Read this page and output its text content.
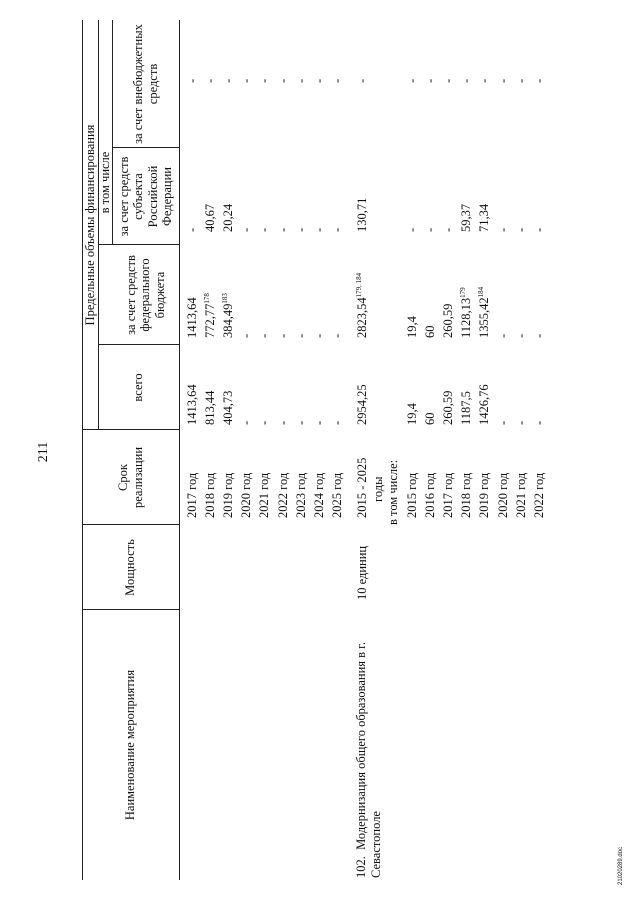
211
21020289.doc
Наименование мероприятия
Мощность
Срок реализации
Предельные объемы финансирования
всего
в том числе
за счет средств федерального бюджета
за счет средств субъекта Российской Федерации
за счет внебюджетных средств
2017 год
1413,64
1413,64
-
-
2018 год
813,44
772,77$^{178}$
40,67
-
2019 год
404,73
384,49$^{183}$
20,24
-
2020 год
-
-
-
-
2021 год
-
-
-
-
2022 год
-
-
-
-
2023 год
-
-
-
-
2024 год
-
-
-
-
2025 год
-
-
-
-
102.  Модернизация общего образования в г. Севастополе
10 единиц
2015 - 2025 годы
2954,25
2823,54$^{179, 184}$
130,71
-
в том числе: 2015 год
19,4
19,4
-
-
2016 год
60
60
-
-
2017 год
260,59
260,59
-
-
2018 год
1187,5
1128,13$^{179}$
59,37
-
2019 год
1426,76
1355,42$^{184}$
71,34
-
2020 год
-
-
-
-
2021 год
-
-
-
-
2022 год
-
-
-
-
